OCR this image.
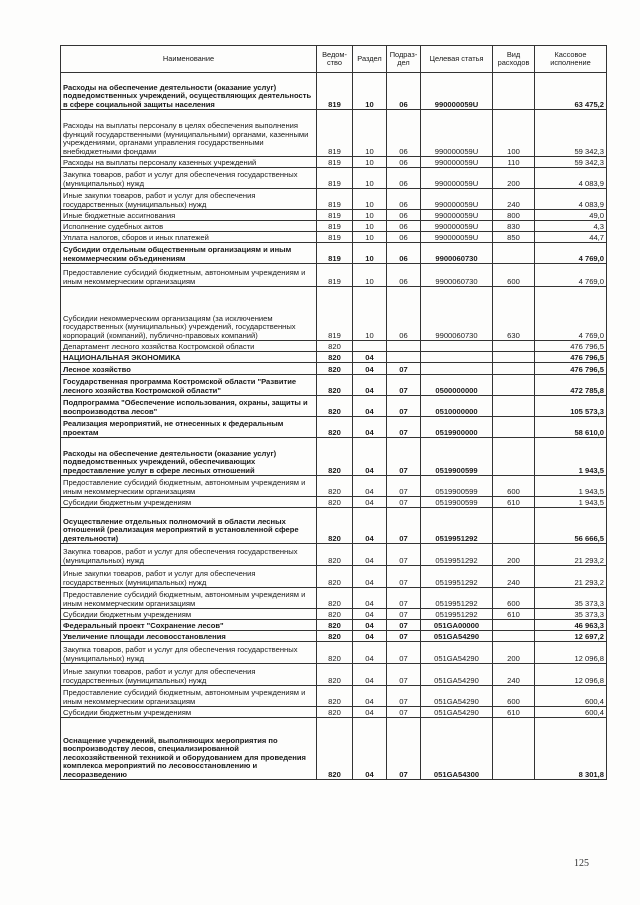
Наименование	Ведом-ство	Раздел	Подраз-дел	Целевая статья	Вид расходов	Кассовое исполнение
Расходы на обеспечение деятельности (оказание услуг) подведомственных учреждений, осуществляющих деятельность в сфере социальной защиты населения	819	10	06	990000059U		63 475,2
Расходы на выплаты персоналу в целях обеспечения выполнения функций государственными (муниципальными) органами, казенными учреждениями, органами управления государственными внебюджетными фондами	819	10	06	990000059U	100	59 342,3
Расходы на выплаты персоналу казенных учреждений	819	10	06	990000059U	110	59 342,3
Закупка товаров, работ и услуг для обеспечения государственных (муниципальных) нужд	819	10	06	990000059U	200	4 083,9
Иные закупки товаров, работ и услуг для обеспечения государственных (муниципальных) нужд	819	10	06	990000059U	240	4 083,9
Иные бюджетные ассигнования	819	10	06	990000059U	800	49,0
Исполнение судебных актов	819	10	06	990000059U	830	4,3
Уплата налогов, сборов и иных платежей	819	10	06	990000059U	850	44,7
Субсидии отдельным общественным организациям и иным некоммерческим объединениям	819	10	06	9900060730		4 769,0
Предоставление субсидий бюджетным, автономным учреждениям и иным некоммерческим организациям	819	10	06	9900060730	600	4 769,0
Субсидии некоммерческим организациям (за исключением государственных (муниципальных) учреждений, государственных корпораций (компаний), публично-правовых компаний)	819	10	06	9900060730	630	4 769,0
Департамент лесного хозяйства Костромской области	820					476 796,5
НАЦИОНАЛЬНАЯ ЭКОНОМИКА	820	04				476 796,5
Лесное хозяйство	820	04	07			476 796,5
Государственная программа Костромской области "Развитие лесного хозяйства Костромской области"	820	04	07	0500000000		472 785,8
Подпрограмма "Обеспечение использования, охраны, защиты и воспроизводства лесов"	820	04	07	0510000000		105 573,3
Реализация мероприятий, не отнесенных к федеральным проектам	820	04	07	0519900000		58 610,0
Расходы на обеспечение деятельности (оказание услуг) подведомственных учреждений, обеспечивающих предоставление услуг в сфере лесных отношений	820	04	07	0519900599		1 943,5
Предоставление субсидий бюджетным, автономным учреждениям и иным некоммерческим организациям	820	04	07	0519900599	600	1 943,5
Субсидии бюджетным учреждениям	820	04	07	0519900599	610	1 943,5
Осуществление отдельных полномочий в области лесных отношений (реализация мероприятий в установленной сфере деятельности)	820	04	07	0519951292		56 666,5
Закупка товаров, работ и услуг для обеспечения государственных (муниципальных) нужд	820	04	07	0519951292	200	21 293,2
Иные закупки товаров, работ и услуг для обеспечения государственных (муниципальных) нужд	820	04	07	0519951292	240	21 293,2
Предоставление субсидий бюджетным, автономным учреждениям и иным некоммерческим организациям	820	04	07	0519951292	600	35 373,3
Субсидии бюджетным учреждениям	820	04	07	0519951292	610	35 373,3
Федеральный проект "Сохранение лесов"	820	04	07	051GA00000		46 963,3
Увеличение площади лесовосстановления	820	04	07	051GA54290		12 697,2
Закупка товаров, работ и услуг для обеспечения государственных (муниципальных) нужд	820	04	07	051GA54290	200	12 096,8
Иные закупки товаров, работ и услуг для обеспечения государственных (муниципальных) нужд	820	04	07	051GA54290	240	12 096,8
Предоставление субсидий бюджетным, автономным учреждениям и иным некоммерческим организациям	820	04	07	051GA54290	600	600,4
Субсидии бюджетным учреждениям	820	04	07	051GA54290	610	600,4
Оснащение учреждений, выполняющих мероприятия по воспроизводству лесов, специализированной лесохозяйственной техникой и оборудованием для проведения комплекса мероприятий по лесовосстановлению и лесоразведению	820	04	07	051GA54300		8 301,8
125
